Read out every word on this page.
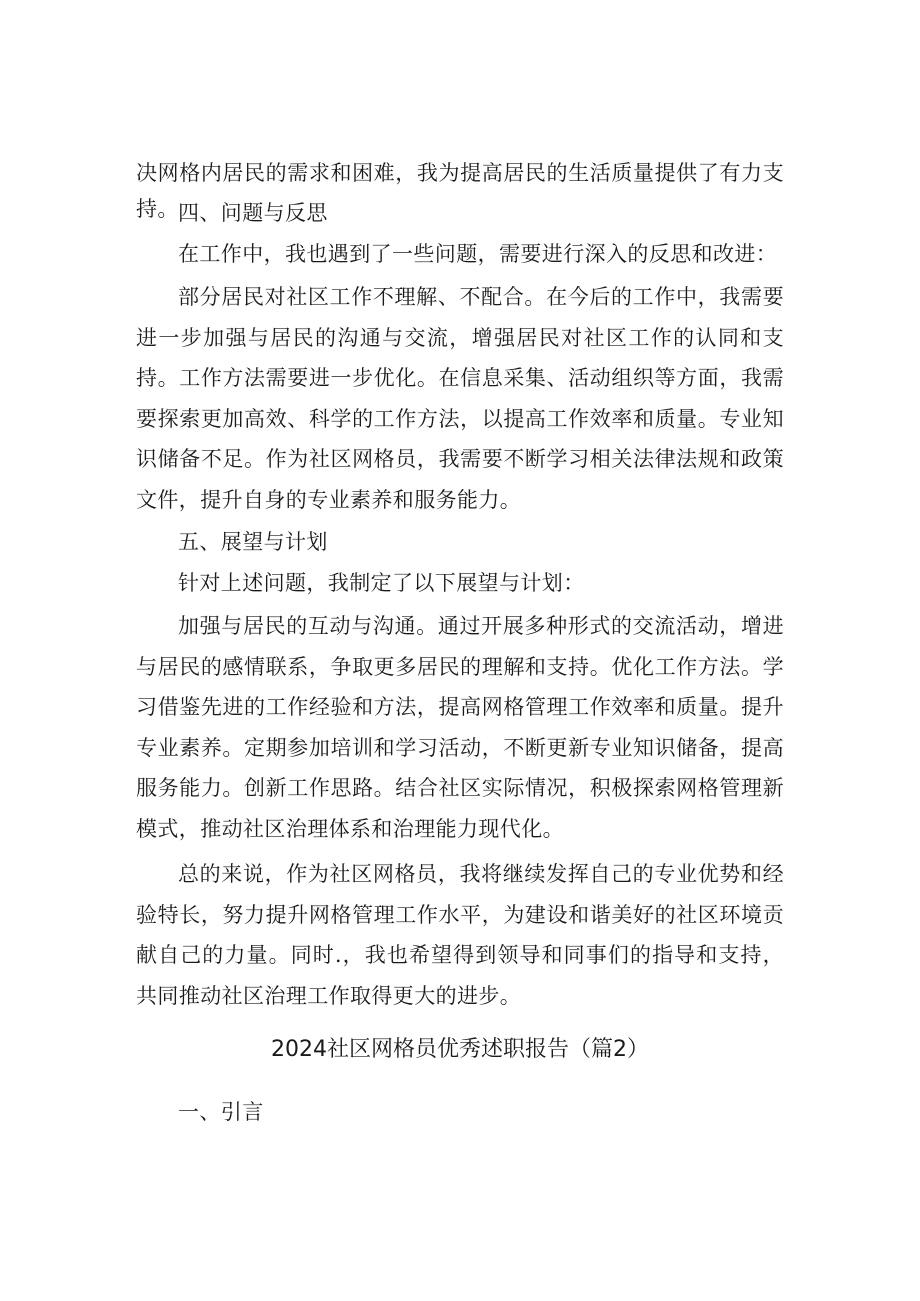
决网格内居民的需求和困难，我为提高居民的生活质量提供了有力支持。 四、问题与反思

在工作中，我也遇到了一些问题，需要进行深入的反思和改进：

部分居民对社区工作不理解、不配合。在今后的工作中，我需要进一步加强与居民的沟通与交流，增强居民对社区工作的认同和支持。工作方法需要进一步优化。在信息采集、活动组织等方面，我需要探索更加高效、科学的工作方法，以提高工作效率和质量。专业知识储备不足。作为社区网格员，我需要不断学习相关法律法规和政策文件，提升自身的专业素养和服务能力。

五、展望与计划

针对上述问题，我制定了以下展望与计划：

加强与居民的互动与沟通。通过开展多种形式的交流活动，增进与居民的感情联系，争取更多居民的理解和支持。优化工作方法。学习借鉴先进的工作经验和方法，提高网格管理工作效率和质量。提升专业素养。定期参加培训和学习活动，不断更新专业知识储备，提高服务能力。创新工作思路。结合社区实际情况，积极探索网格管理新模式，推动社区治理体系和治理能力现代化。

总的来说，作为社区网格员，我将继续发挥自己的专业优势和经验特长，努力提升网格管理工作水平，为建设和谐美好的社区环境贡献自己的力量。同时.，我也希望得到领导和同事们的指导和支持，共同推动社区治理工作取得更大的进步。

2024社区网格员优秀述职报告（篇2）

一、引言
